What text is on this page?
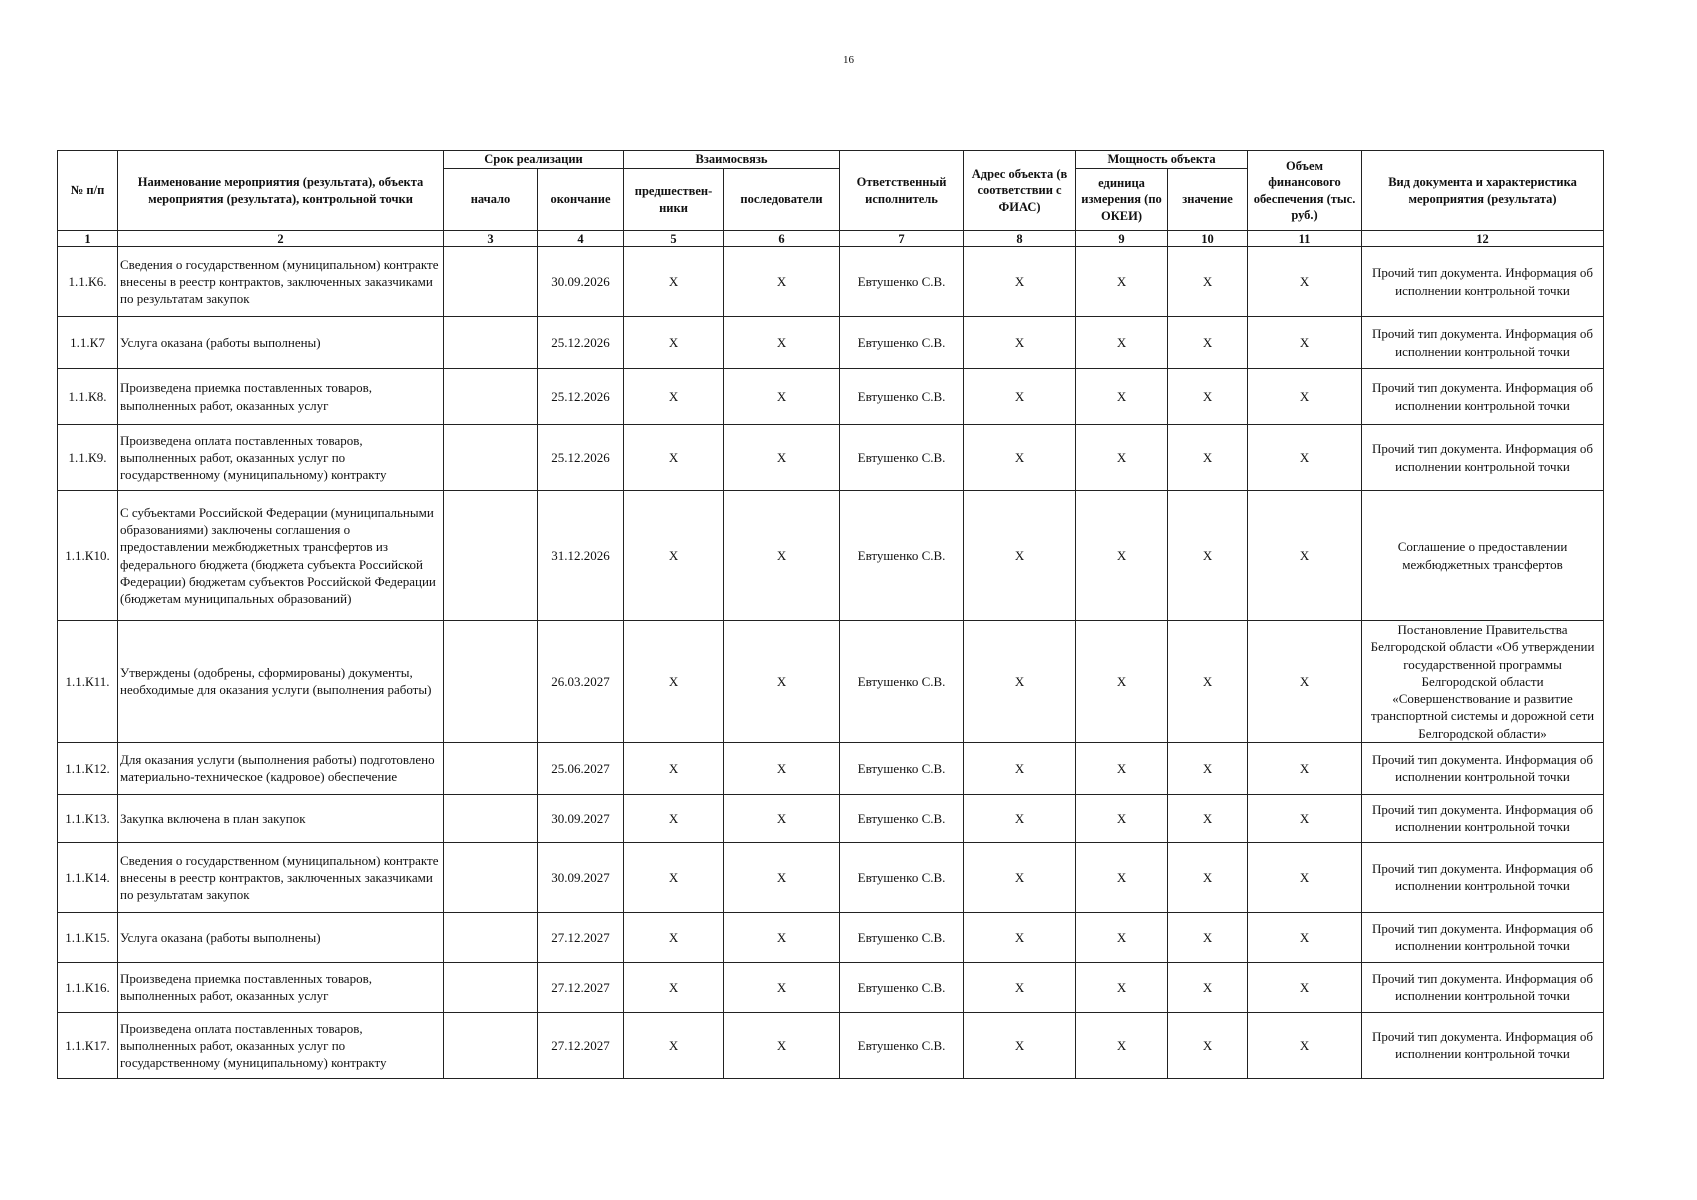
16
№ п/п	Наименование мероприятия (результата), объекта мероприятия (результата), контрольной точки	Срок реализации		Взаимосвязь		Ответственный исполнитель	Адрес объекта (в соответствии с ФИАС)	Мощность объекта		Объем финансового обеспечения (тыс. руб.)	Вид документа и характеристика мероприятия (результата)
		начало	окончание	предшествен-ники	последователи			единица измерения (по ОКЕИ)	значение		
1	2	3	4	5	6	7	8	9	10	11	12
1.1.К6.	Сведения о государственном (муниципальном) контракте внесены в реестр контрактов, заключенных заказчиками по результатам закупок		30.09.2026	X	X	Евтушенко С.В.	X	X	X	X	Прочий тип документа. Информация об исполнении контрольной точки
1.1.К7	Услуга оказана (работы выполнены)		25.12.2026	X	X	Евтушенко С.В.	X	X	X	X	Прочий тип документа. Информация об исполнении контрольной точки
1.1.К8.	Произведена приемка поставленных товаров, выполненных работ, оказанных услуг		25.12.2026	X	X	Евтушенко С.В.	X	X	X	X	Прочий тип документа. Информация об исполнении контрольной точки
1.1.К9.	Произведена оплата поставленных товаров, выполненных работ, оказанных услуг по государственному (муниципальному) контракту		25.12.2026	X	X	Евтушенко С.В.	X	X	X	X	Прочий тип документа. Информация об исполнении контрольной точки
1.1.К10.	С субъектами Российской Федерации (муниципальными образованиями) заключены соглашения о предоставлении межбюджетных трансфертов из федерального бюджета (бюджета субъекта Российской Федерации) бюджетам субъектов Российской Федерации (бюджетам муниципальных образований)		31.12.2026	X	X	Евтушенко С.В.	X	X	X	X	Соглашение о предоставлении межбюджетных трансфертов
1.1.К11.	Утверждены (одобрены, сформированы) документы, необходимые для оказания услуги (выполнения работы)		26.03.2027	X	X	Евтушенко С.В.	X	X	X	X	Постановление Правительства Белгородской области «Об утверждении государственной программы Белгородской области «Совершенствование и развитие транспортной системы и дорожной сети Белгородской области»
1.1.К12.	Для оказания услуги (выполнения работы) подготовлено материально-техническое (кадровое) обеспечение		25.06.2027	X	X	Евтушенко С.В.	X	X	X	X	Прочий тип документа. Информация об исполнении контрольной точки
1.1.К13.	Закупка включена в план закупок		30.09.2027	X	X	Евтушенко С.В.	X	X	X	X	Прочий тип документа. Информация об исполнении контрольной точки
1.1.К14.	Сведения о государственном (муниципальном) контракте внесены в реестр контрактов, заключенных заказчиками по результатам закупок		30.09.2027	X	X	Евтушенко С.В.	X	X	X	X	Прочий тип документа. Информация об исполнении контрольной точки
1.1.К15.	Услуга оказана (работы выполнены)		27.12.2027	X	X	Евтушенко С.В.	X	X	X	X	Прочий тип документа. Информация об исполнении контрольной точки
1.1.К16.	Произведена приемка поставленных товаров, выполненных работ, оказанных услуг		27.12.2027	X	X	Евтушенко С.В.	X	X	X	X	Прочий тип документа. Информация об исполнении контрольной точки
1.1.К17.	Произведена оплата поставленных товаров, выполненных работ, оказанных услуг по государственному (муниципальному) контракту		27.12.2027	X	X	Евтушенко С.В.	X	X	X	X	Прочий тип документа. Информация об исполнении контрольной точки
